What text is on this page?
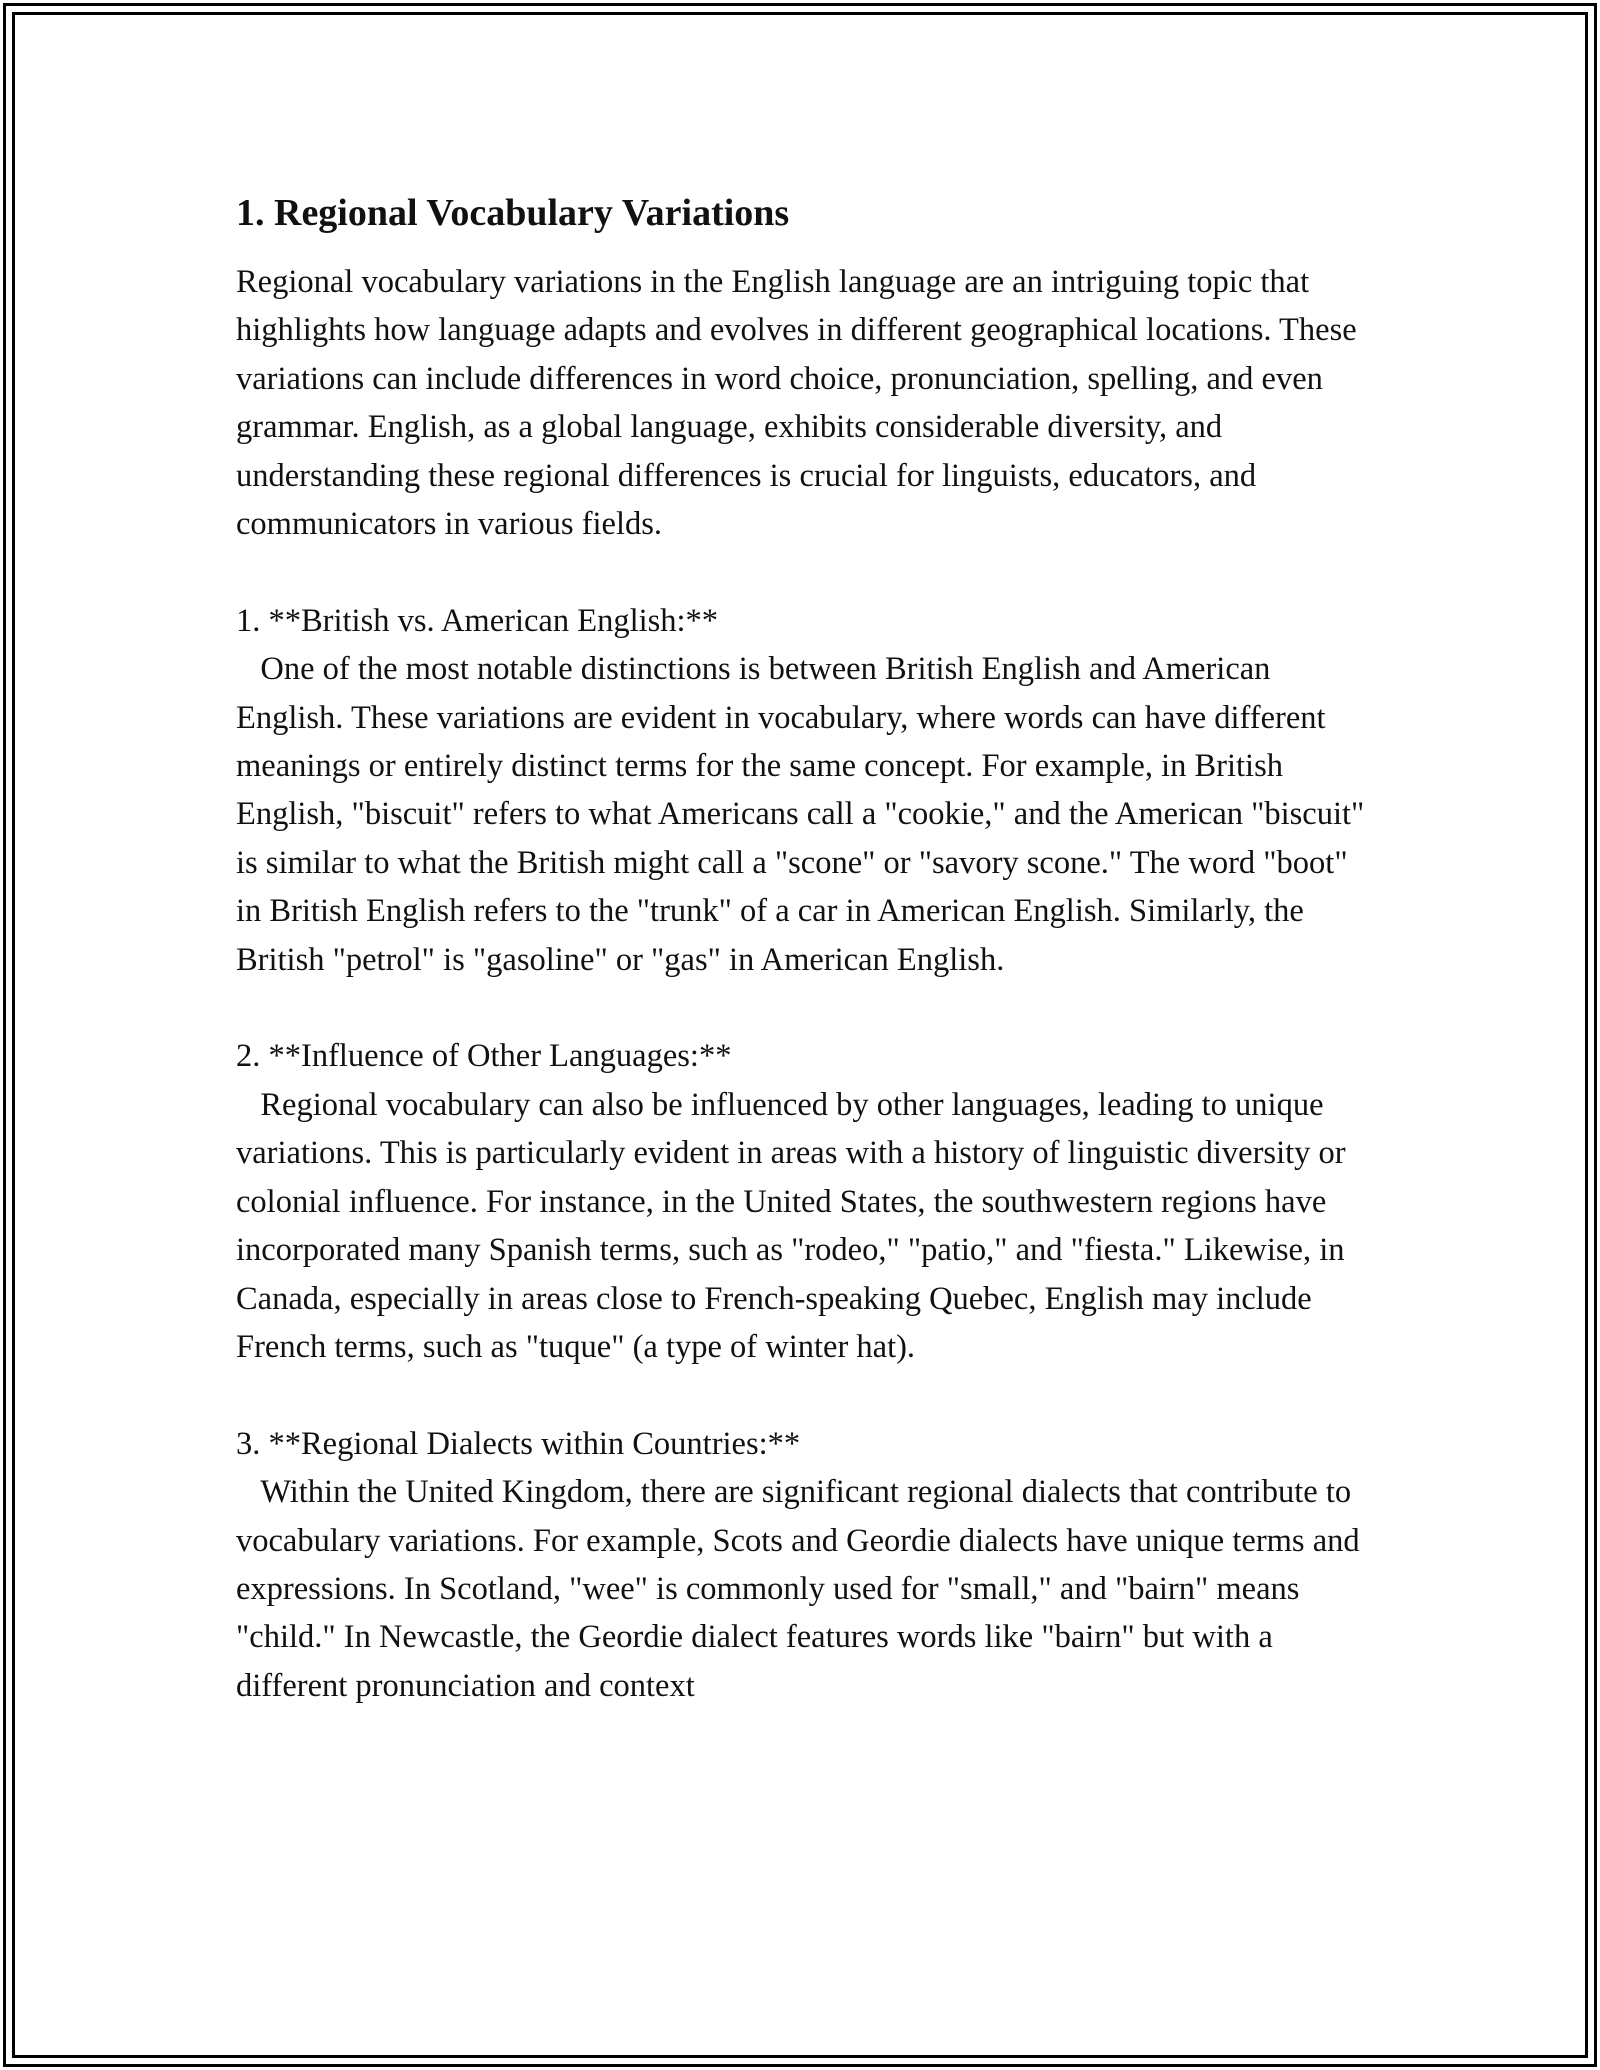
1. Regional Vocabulary Variations

Regional vocabulary variations in the English language are an intriguing topic that highlights how language adapts and evolves in different geographical locations. These variations can include differences in word choice, pronunciation, spelling, and even grammar. English, as a global language, exhibits considerable diversity, and understanding these regional differences is crucial for linguists, educators, and communicators in various fields.

1. **British vs. American English:**

One of the most notable distinctions is between British English and American English. These variations are evident in vocabulary, where words can have different meanings or entirely distinct terms for the same concept. For example, in British English, "biscuit" refers to what Americans call a "cookie," and the American "biscuit" is similar to what the British might call a "scone" or "savory scone." The word "boot" in British English refers to the "trunk" of a car in American English. Similarly, the British "petrol" is "gasoline" or "gas" in American English.

2. **Influence of Other Languages:**

Regional vocabulary can also be influenced by other languages, leading to unique variations. This is particularly evident in areas with a history of linguistic diversity or colonial influence. For instance, in the United States, the southwestern regions have incorporated many Spanish terms, such as "rodeo," "patio," and "fiesta." Likewise, in Canada, especially in areas close to French-speaking Quebec, English may include French terms, such as "tuque" (a type of winter hat).

3. **Regional Dialects within Countries:**

Within the United Kingdom, there are significant regional dialects that contribute to vocabulary variations. For example, Scots and Geordie dialects have unique terms and expressions. In Scotland, "wee" is commonly used for "small," and "bairn" means "child." In Newcastle, the Geordie dialect features words like "bairn" but with a different pronunciation and context
